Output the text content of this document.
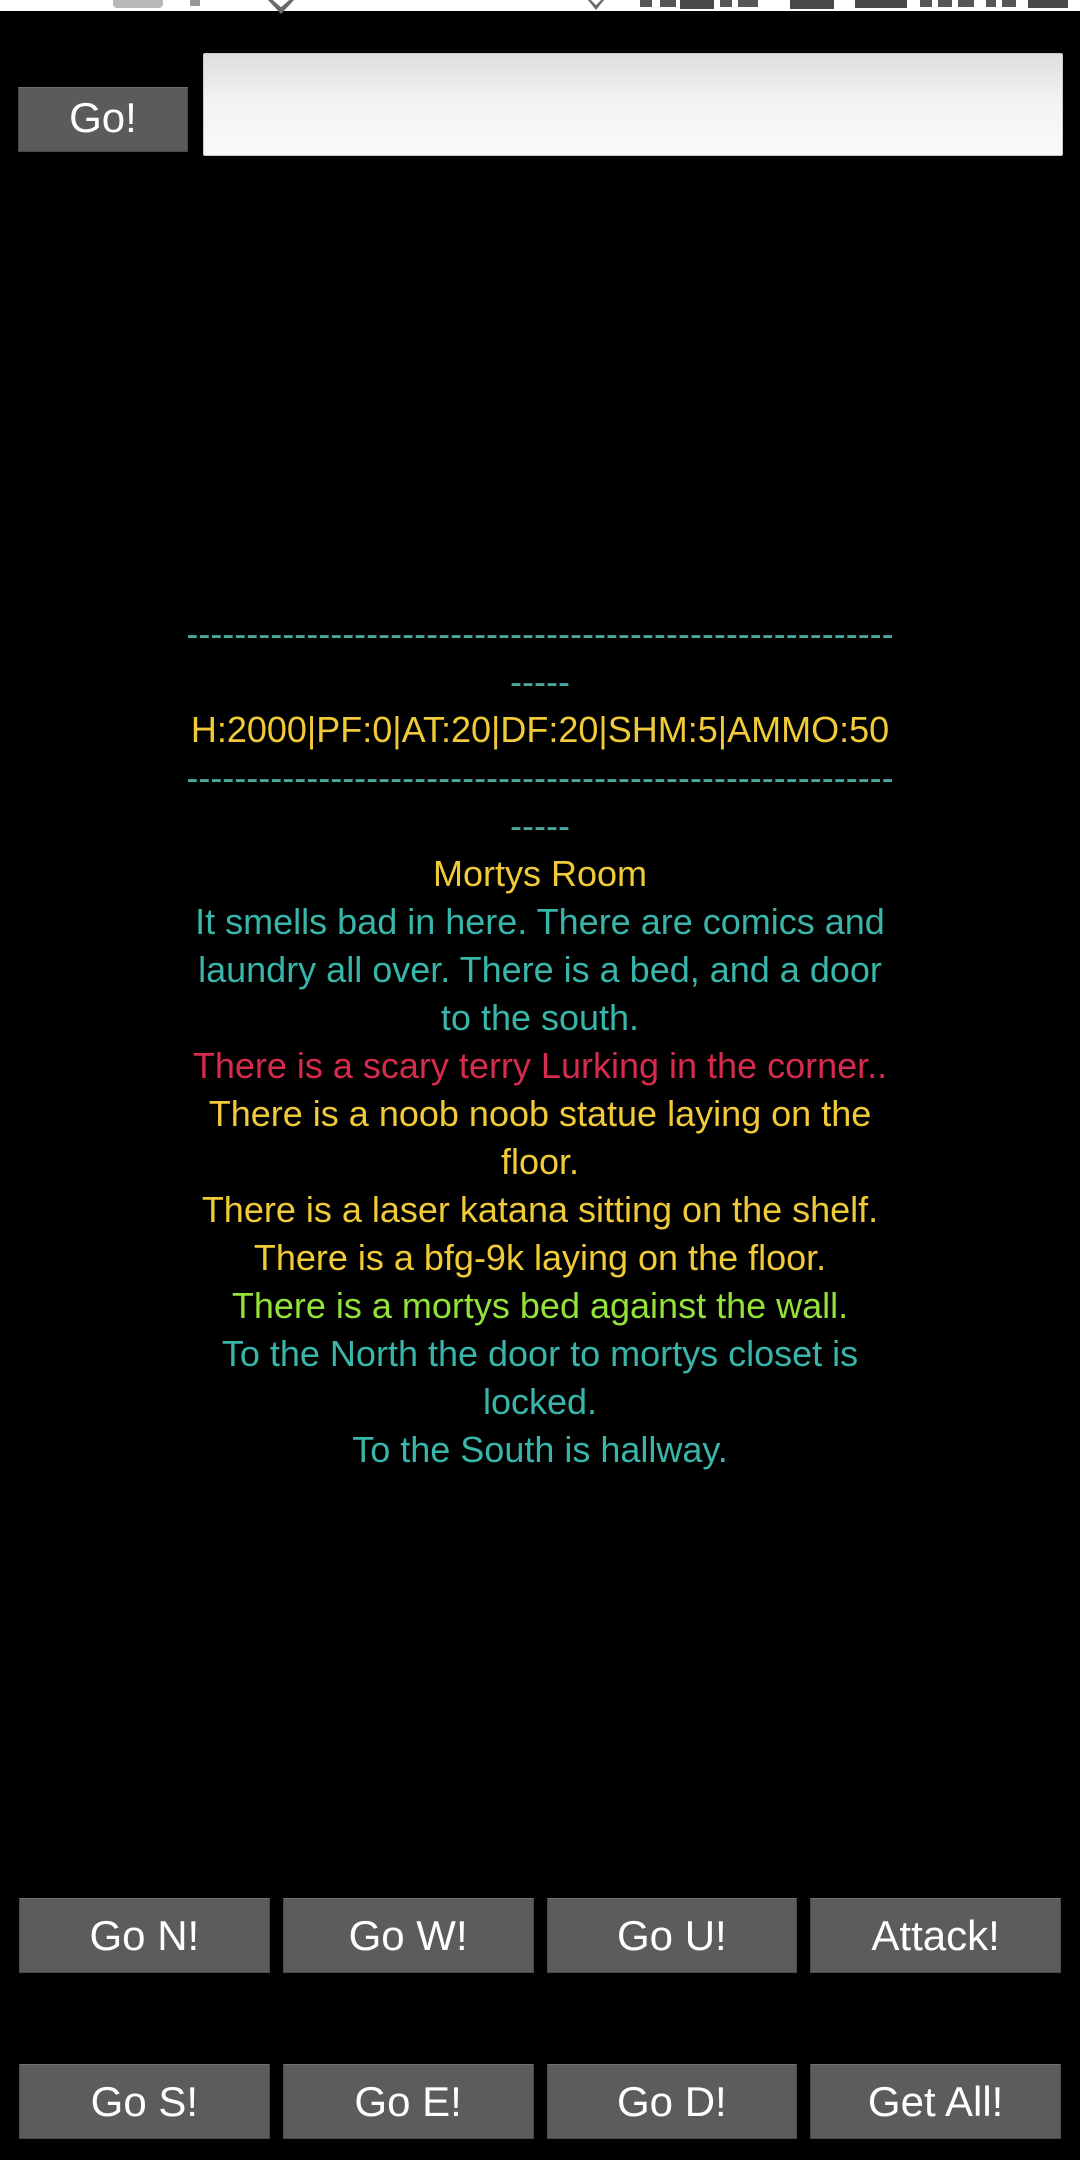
Go!
-----------------------------------------------------------
-----
H:2000|PF:0|AT:20|DF:20|SHM:5|AMMO:50
-----------------------------------------------------------
-----
Mortys Room
It smells bad in here. There are comics and laundry all over. There is a bed, and a door to the south.
There is a scary terry Lurking in the corner..
There is a noob noob statue laying on the floor.
There is a laser katana sitting on the shelf.
There is a bfg-9k laying on the floor.
There is a mortys bed against the wall.
To the North the door to mortys closet is locked.
To the South is hallway.
Go N!	Go W!	Go U!	Attack!
Go S!	Go E!	Go D!	Get All!
